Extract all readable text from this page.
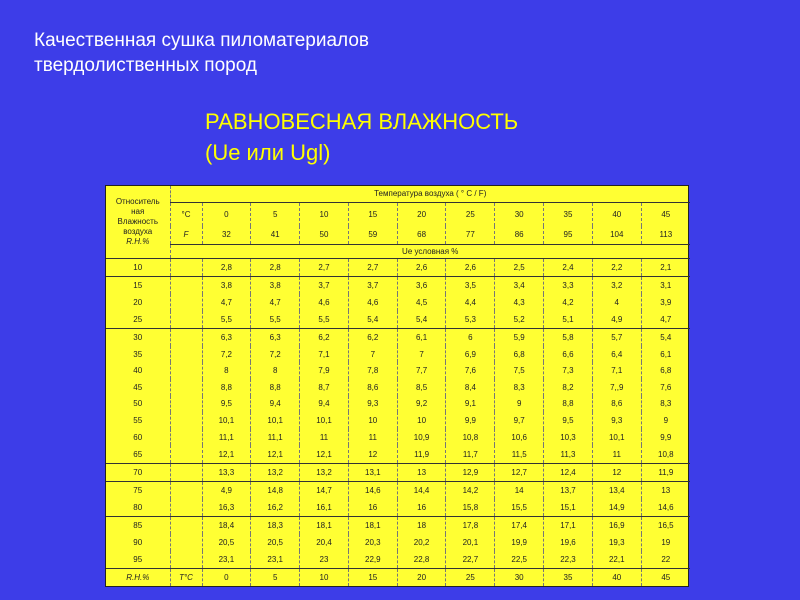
Качественная сушка пиломатериалов
твердолиственных пород
РАВНОВЕСНАЯ ВЛАЖНОСТЬ
(Ue или Ugl)
Относитель
ная
Влажность
воздуха
R.H.%	Температура воздуха ( ° C / F)										
	°C	0	5	10	15	20	25	30	35	40	45
	F	32	41	50	59	68	77	86	95	104	113
	Ue условная %										
10		2,8	2,8	2,7	2,7	2,6	2,6	2,5	2,4	2,2	2,1
15		3,8	3,8	3,7	3,7	3,6	3,5	3,4	3,3	3,2	3,1
20		4,7	4,7	4,6	4,6	4,5	4,4	4,3	4,2	4	3,9
25		5,5	5,5	5,5	5,4	5,4	5,3	5,2	5,1	4,9	4,7
30		6,3	6,3	6,2	6,2	6,1	6	5,9	5,8	5,7	5,4
35		7,2	7,2	7,1	7	7	6,9	6,8	6,6	6,4	6,1
40		8	8	7,9	7,8	7,7	7,6	7,5	7,3	7,1	6,8
45		8,8	8,8	8,7	8,6	8,5	8,4	8,3	8,2	7,,9	7,6
50		9,5	9,4	9,4	9,3	9,2	9,1	9	8,8	8,6	8,3
55		10,1	10,1	10,1	10	10	9,9	9,7	9,5	9,3	9
60		11,1	11,1	11	11	10,9	10,8	10,6	10,3	10,1	9,9
65		12,1	12,1	12,1	12	11,9	11,7	11,5	11,3	11	10,8
70		13,3	13,2	13,2	13,1	13	12,9	12,7	12,4	12	11,9
75		4,9	14,8	14,7	14,6	14,4	14,2	14	13,7	13,4	13
80		16,3	16,2	16,1	16	16	15,8	15,5	15,1	14,9	14,6
85		18,4	18,3	18,1	18,1	18	17,8	17,4	17,1	16,9	16,5
90		20,5	20,5	20,4	20,3	20,2	20,1	19,9	19,6	19,3	19
95		23,1	23,1	23	22,9	22,8	22,7	22,5	22,3	22,1	22
R.H.%	T°C	0	5	10	15	20	25	30	35	40	45
